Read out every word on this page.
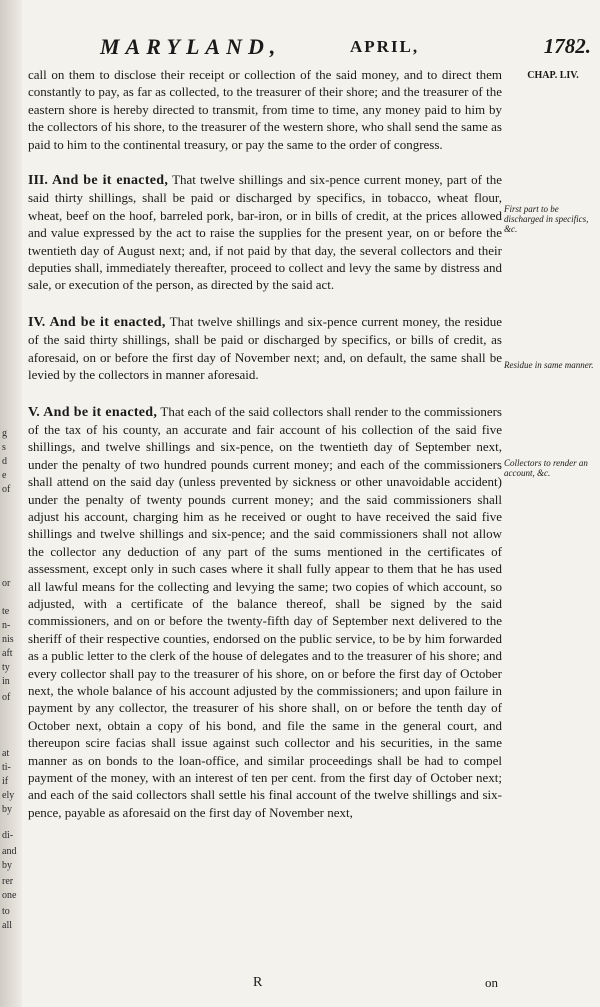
g
s
d
e
of
or
te
n-
nis
aft
ty
in
of
at
ti-
if
ely
by
di-
and
by
rer
one
to
all
MARYLAND,	APRIL,	1782.
CHAP. LIV.
First part to be discharged in specifics, &c.
Residue in same manner.
Collectors to render an account, &c.

call on them to disclose their receipt or collection of the said money, and to direct them constantly to pay, as far as collected, to the treasurer of their shore; and the treasurer of the eastern shore is hereby directed to transmit, from time to time, any money paid to him by the collectors of his shore, to the treasurer of the western shore, who shall send the same as paid to him to the continental treasury, or pay the same to the order of congress.

III. And be it enacted, That twelve shillings and six-pence current money, part of the said thirty shillings, shall be paid or discharged by specifics, in tobacco, wheat flour, wheat, beef on the hoof, barreled pork, bar-iron, or in bills of credit, at the prices allowed and value expressed by the act to raise the supplies for the present year, on or before the twentieth day of August next; and, if not paid by that day, the several collectors and their deputies shall, immediately thereafter, proceed to collect and levy the same by distress and sale, or execution of the person, as directed by the said act.

IV. And be it enacted, That twelve shillings and six-pence current money, the residue of the said thirty shillings, shall be paid or discharged by specifics, or bills of credit, as aforesaid, on or before the first day of November next; and, on default, the same shall be levied by the collectors in manner aforesaid.

V. And be it enacted, That each of the said collectors shall render to the commissioners of the tax of his county, an accurate and fair account of his collection of the said five shillings, and twelve shillings and six-pence, on the twentieth day of September next, under the penalty of two hundred pounds current money; and each of the commissioners shall attend on the said day (unless prevented by sickness or other unavoidable accident) under the penalty of twenty pounds current money; and the said commissioners shall adjust his account, charging him as he received or ought to have received the said five shillings and twelve shillings and six-pence; and the said commissioners shall not allow the collector any deduction of any part of the sums mentioned in the certificates of assessment, except only in such cases where it shall fully appear to them that he has used all lawful means for the collecting and levying the same; two copies of which account, so adjusted, with a certificate of the balance thereof, shall be signed by the said commissioners, and on or before the twenty-fifth day of September next delivered to the sheriff of their respective counties, endorsed on the public service, to be by him forwarded as a public letter to the clerk of the house of delegates and to the treasurer of his shore; and every collector shall pay to the treasurer of his shore, on or before the first day of October next, the whole balance of his account adjusted by the commissioners; and upon failure in payment by any collector, the treasurer of his shore shall, on or before the tenth day of October next, obtain a copy of his bond, and file the same in the general court, and thereupon scire facias shall issue against such collector and his securities, in the same manner as on bonds to the loan-office, and similar proceedings shall be had to compel payment of the money, with an interest of ten per cent. from the first day of October next; and each of the said collectors shall settle his final account of the twelve shillings and six-pence, payable as aforesaid on the first day of November next,

R	on
